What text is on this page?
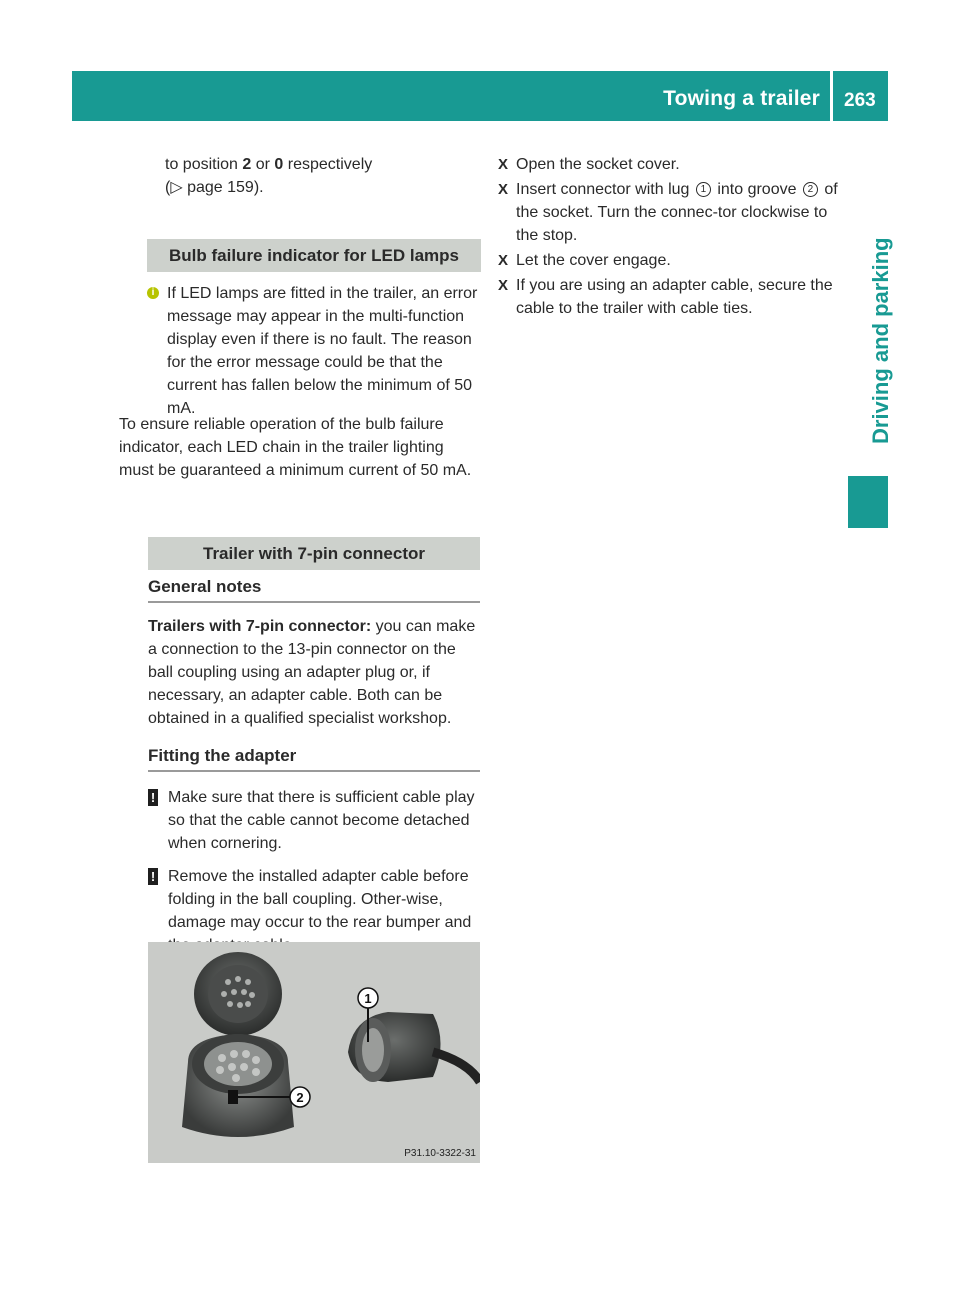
Towing a trailer 263
Driving and parking

to position 2 or 0 respectively
(▷ page 159).

Bulb failure indicator for LED lamps

i If LED lamps are fitted in the trailer, an error message may appear in the multi-function display even if there is no fault. The reason for the error message could be that the current has fallen below the minimum of 50 mA.

To ensure reliable operation of the bulb failure indicator, each LED chain in the trailer lighting must be guaranteed a minimum current of 50 mA.

Trailer with 7-pin connector

General notes

Trailers with 7-pin connector: you can make a connection to the 13-pin connector on the ball coupling using an adapter plug or, if necessary, an adapter cable. Both can be obtained in a qualified specialist workshop.

Fitting the adapter

! Make sure that there is sufficient cable play so that the cable cannot become detached when cornering.

! Remove the installed adapter cable before folding in the ball coupling. Other-wise, damage may occur to the rear bumper and

2
1
P31.10-3322-31
X Open the socket cover.

X Insert connector with lug 1 into groove 2 of the socket. Turn the connec-tor clockwise to the stop.

X Let the cover engage.

X If you are using an adapter cable, secure the cable to the trailer with cable ties.
